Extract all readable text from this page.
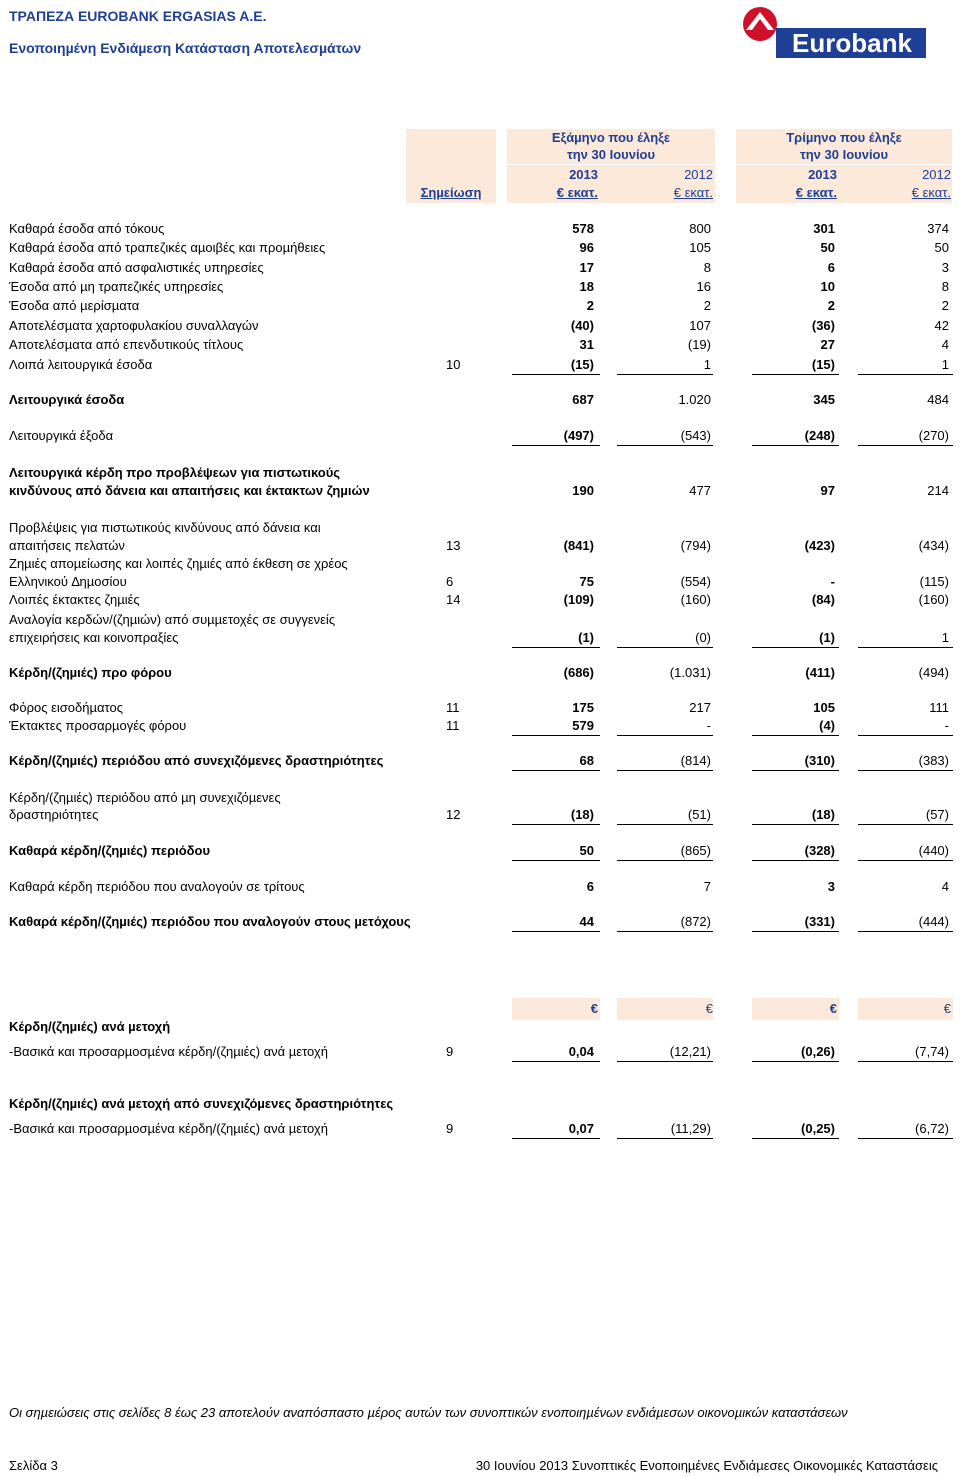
ΤΡΑΠΕΖΑ EUROBANK ERGASIAS A.E.
Ενοποιηµένη Ενδιάµεση Κατάσταση Αποτελεσµάτων	Eurobank
Εξάµηνο που έληξε
την 30 Ιουνίου
Τρίµηνο που έληξε
την 30 Ιουνίου
2013	2012	2013	2012
Σηµείωση	€ εκατ.	€ εκατ.	€ εκατ.	€ εκατ.
Καθαρά έσοδα από τόκους	578	800	301	374
Καθαρά έσοδα από τραπεζικές αµοιβές και προµήθειες	96	105	50	50
Καθαρά έσοδα από ασφαλιστικές υπηρεσίες	17	8	6	3
Έσοδα από µη τραπεζικές υπηρεσίες	18	16	10	8
Έσοδα από µερίσµατα	2	2	2	2
Αποτελέσµατα χαρτοφυλακίου συναλλαγών	(40)	107	(36)	42
Αποτελέσµατα από επενδυτικούς τίτλους	31	(19)	27	4
Λοιπά λειτουργικά έσοδα	10	(15)	1	(15)	1
Λειτουργικά έσοδα	687	1.020	345	484
Λειτουργικά έξοδα	(497)	(543)	(248)	(270)
Λειτουργικά κέρδη προ προβλέψεων για πιστωτικούς
κινδύνους από δάνεια και απαιτήσεις και έκτακτων ζηµιών	190	477	97	214
Προβλέψεις για πιστωτικούς κινδύνους από δάνεια και
απαιτήσεις πελατών	13	(841)	(794)	(423)	(434)
Ζηµιές αποµείωσης και λοιπές ζηµιές από έκθεση σε χρέος
Ελληνικού ∆ηµοσίου	6	75	(554)	-	(115)
Λοιπές έκτακτες ζηµιές	14	(109)	(160)	(84)	(160)
Αναλογία κερδών/(ζηµιών) από συµµετοχές σε συγγενείς
επιχειρήσεις και κοινοπραξίες	(1)	(0)	(1)	1
Κέρδη/(ζηµιές) προ φόρου	(686)	(1.031)	(411)	(494)
Φόρος εισοδήµατος	11	175	217	105	111
Έκτακτες προσαρµογές φόρου	11	579	-	(4)	-
Κέρδη/(ζηµιές) περιόδου από συνεχιζόµενες δραστηριότητες	68	(814)	(310)	(383)
Κέρδη/(ζηµιές) περιόδου από µη συνεχιζόµενες
δραστηριότητες	12	(18)	(51)	(18)	(57)
Καθαρά κέρδη/(ζηµιές) περιόδου	50	(865)	(328)	(440)
Καθαρά κέρδη περιόδου που αναλογούν σε τρίτους	6	7	3	4
Καθαρά κέρδη/(ζηµιές) περιόδου που αναλογούν στους µετόχους	44	(872)	(331)	(444)
€	€	€	€
Κέρδη/(ζηµιές) ανά µετοχή
-Βασικά και προσαρµοσµένα κέρδη/(ζηµιές) ανά µετοχή	9	0,04	(12,21)	(0,26)	(7,74)
Κέρδη/(ζηµιές) ανά µετοχή από συνεχιζόµενες δραστηριότητες
-Βασικά και προσαρµοσµένα κέρδη/(ζηµιές) ανά µετοχή	9	0,07	(11,29)	(0,25)	(6,72)
Οι σηµειώσεις στις σελίδες 8 έως 23 αποτελούν αναπόσπαστο µέρος αυτών των συνοπτικών ενοποιηµένων ενδιάµεσων οικονοµικών καταστάσεων
Σελίδα 3	30 Ιουνίου 2013 Συνοπτικές Ενοποιηµένες Ενδιάµεσες Οικονοµικές Καταστάσεις
